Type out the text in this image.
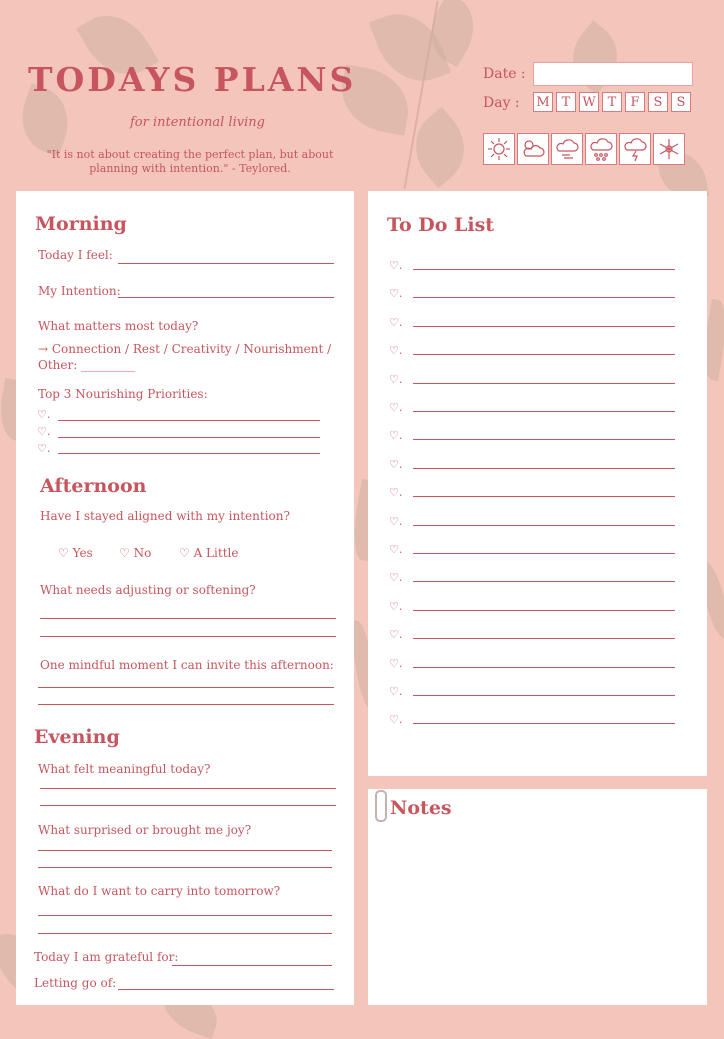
TODAYS PLANS
for intentional living
"It is not about creating the perfect plan, but about planning with intention." - Teylored.
Date :
Day : M T W T	F	S	S
Morning
Today I feel:
My Intention:
What matters most today?
→ Connection / Rest / Creativity / Nourishment /
Other: _________
Top 3 Nourishing Priorities:
♡.
♡.
♡.
Afternoon
Have I stayed aligned with my intention?
♡ Yes ♡ No ♡ A Little
What needs adjusting or softening?
One mindful moment I can invite this afternoon:
Evening
What felt meaningful today?
What surprised or brought me joy?
What do I want to carry into tomorrow?
Today I am grateful for:
Letting go of:
To Do List
♡.
♡.
♡.
♡.
♡.
♡.
♡.
♡.
♡.
♡.
♡.
♡.
♡.
♡.
♡.
♡.
♡.
Notes
